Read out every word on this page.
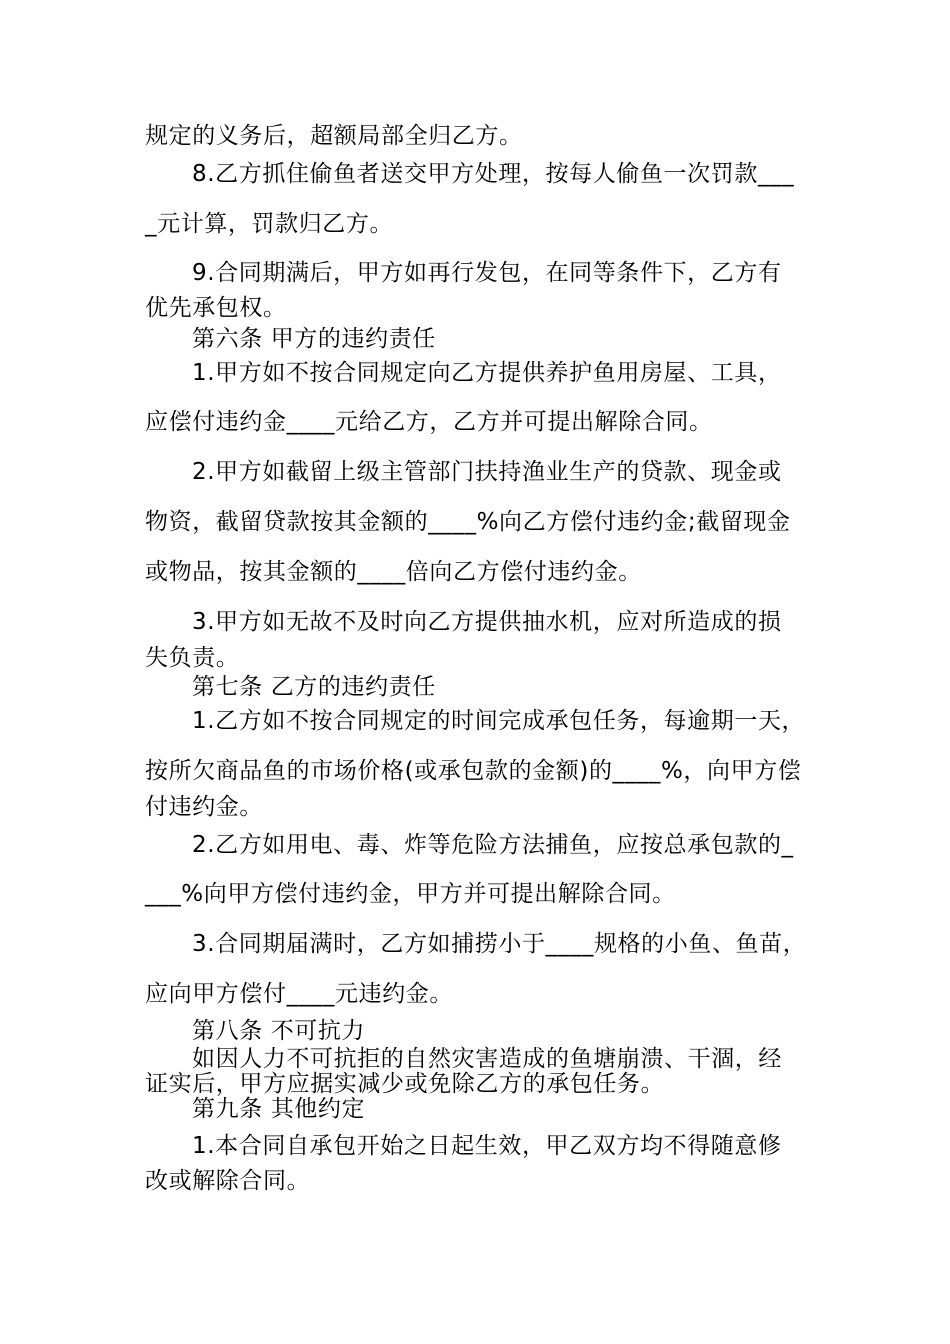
规定的义务后，超额局部全归乙方。
8.乙方抓住偷鱼者送交甲方处理，按每人偷鱼一次罚款___
_元计算，罚款归乙方。
9.合同期满后，甲方如再行发包，在同等条件下，乙方有
优先承包权。
第六条 甲方的违约责任
1.甲方如不按合同规定向乙方提供养护鱼用房屋、工具，
应偿付违约金____元给乙方，乙方并可提出解除合同。
2.甲方如截留上级主管部门扶持渔业生产的贷款、现金或
物资，截留贷款按其金额的____%向乙方偿付违约金;截留现金
或物品，按其金额的____倍向乙方偿付违约金。
3.甲方如无故不及时向乙方提供抽水机，应对所造成的损
失负责。
第七条 乙方的违约责任
1.乙方如不按合同规定的时间完成承包任务，每逾期一天，
按所欠商品鱼的市场价格(或承包款的金额)的____%，向甲方偿
付违约金。
2.乙方如用电、毒、炸等危险方法捕鱼，应按总承包款的_
___%向甲方偿付违约金，甲方并可提出解除合同。
3.合同期届满时，乙方如捕捞小于____规格的小鱼、鱼苗，
应向甲方偿付____元违约金。
第八条 不可抗力
如因人力不可抗拒的自然灾害造成的鱼塘崩溃、干涸，经
证实后，甲方应据实减少或免除乙方的承包任务。
第九条 其他约定
1.本合同自承包开始之日起生效，甲乙双方均不得随意修
改或解除合同。
